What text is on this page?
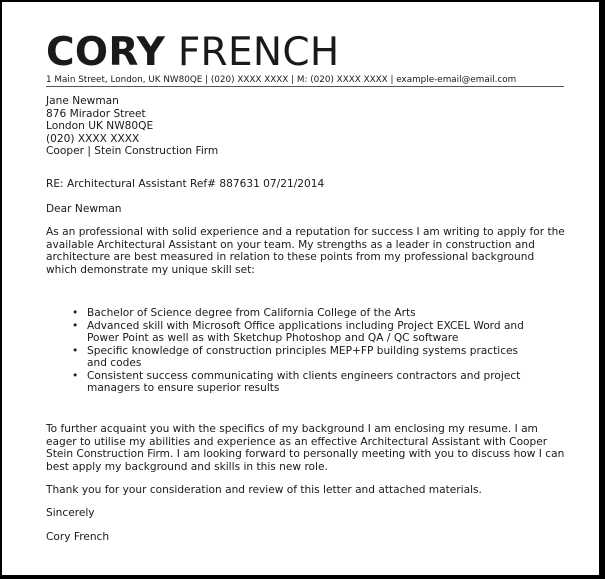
CORY FRENCH
1 Main Street, London, UK NW80QE | (020) XXXX XXXX | M: (020) XXXX XXXX | example-email@email.com
Jane Newman
876 Mirador Street
London UK NW80QE
(020) XXXX XXXX
Cooper | Stein Construction Firm
RE: Architectural Assistant Ref# 887631 07/21/2014
Dear Newman

As an professional with solid experience and a reputation for success I am writing to apply for the available Architectural Assistant on your team. My strengths as a leader in construction and architecture are best measured in relation to these points from my professional background which demonstrate my unique skill set:

• Bachelor of Science degree from California College of the Arts
• Advanced skill with Microsoft Office applications including Project EXCEL Word and Power Point as well as with Sketchup Photoshop and QA / QC software
• Specific knowledge of construction principles MEP+FP building systems practices and codes
• Consistent success communicating with clients engineers contractors and project managers to ensure superior results

To further acquaint you with the specifics of my background I am enclosing my resume. I am eager to utilise my abilities and experience as an effective Architectural Assistant with Cooper Stein Construction Firm. I am looking forward to personally meeting with you to discuss how I can best apply my background and skills in this new role.

Thank you for your consideration and review of this letter and attached materials.
Sincerely
Cory French
